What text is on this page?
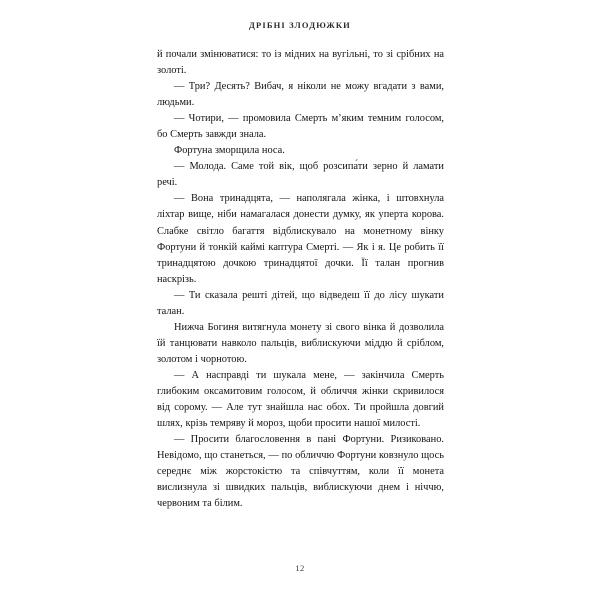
ДРІБНІ ЗЛОДЮЖКИ

й почали змінюватися: то із мідних на вугільні, то зі срібних на золоті.

— Три? Десять? Вибач, я ніколи не можу вгадати з вами, людьми.

— Чотири, — промовила Смерть м’яким темним голосом, бо Смерть завжди знала.

Фортуна зморщила носа.

— Молода. Саме той вік, щоб розсипа́ти зерно й ламати речі.

— Вона тринадцята, — наполягала жінка, і штовхнула ліхтар вище, ніби намагалася донести думку, як уперта корова. Слабке світло багаття відблискувало на монетному вінку Фортуни й тонкій каймі каптура Смерті. — Як і я. Це робить її тринадцятою дочкою тринадцятої дочки. Її талан прогнив наскрізь.

— Ти сказала решті дітей, що відведеш її до лісу шукати талан.

Нижча Богиня витягнула монету зі свого вінка й дозволила їй танцювати навколо пальців, виблискуючи міддю й сріблом, золотом і чорнотою.

— А насправді ти шукала мене, — закінчила Смерть глибоким оксамитовим голосом, й обличчя жінки скривилося від сорому. — Але тут знайшла нас обох. Ти пройшла довгий шлях, крізь темряву й мороз, щоби просити нашої милості.

— Просити благословення в пані Фортуни. Ризиковано. Невідомо, що станеться, — по обличчю Фортуни ковзнуло щось середнє між жорстокістю та співчуттям, коли її монета вислизнула зі швидких пальців, виблискуючи днем і ніччю, червоним та білим.

12
